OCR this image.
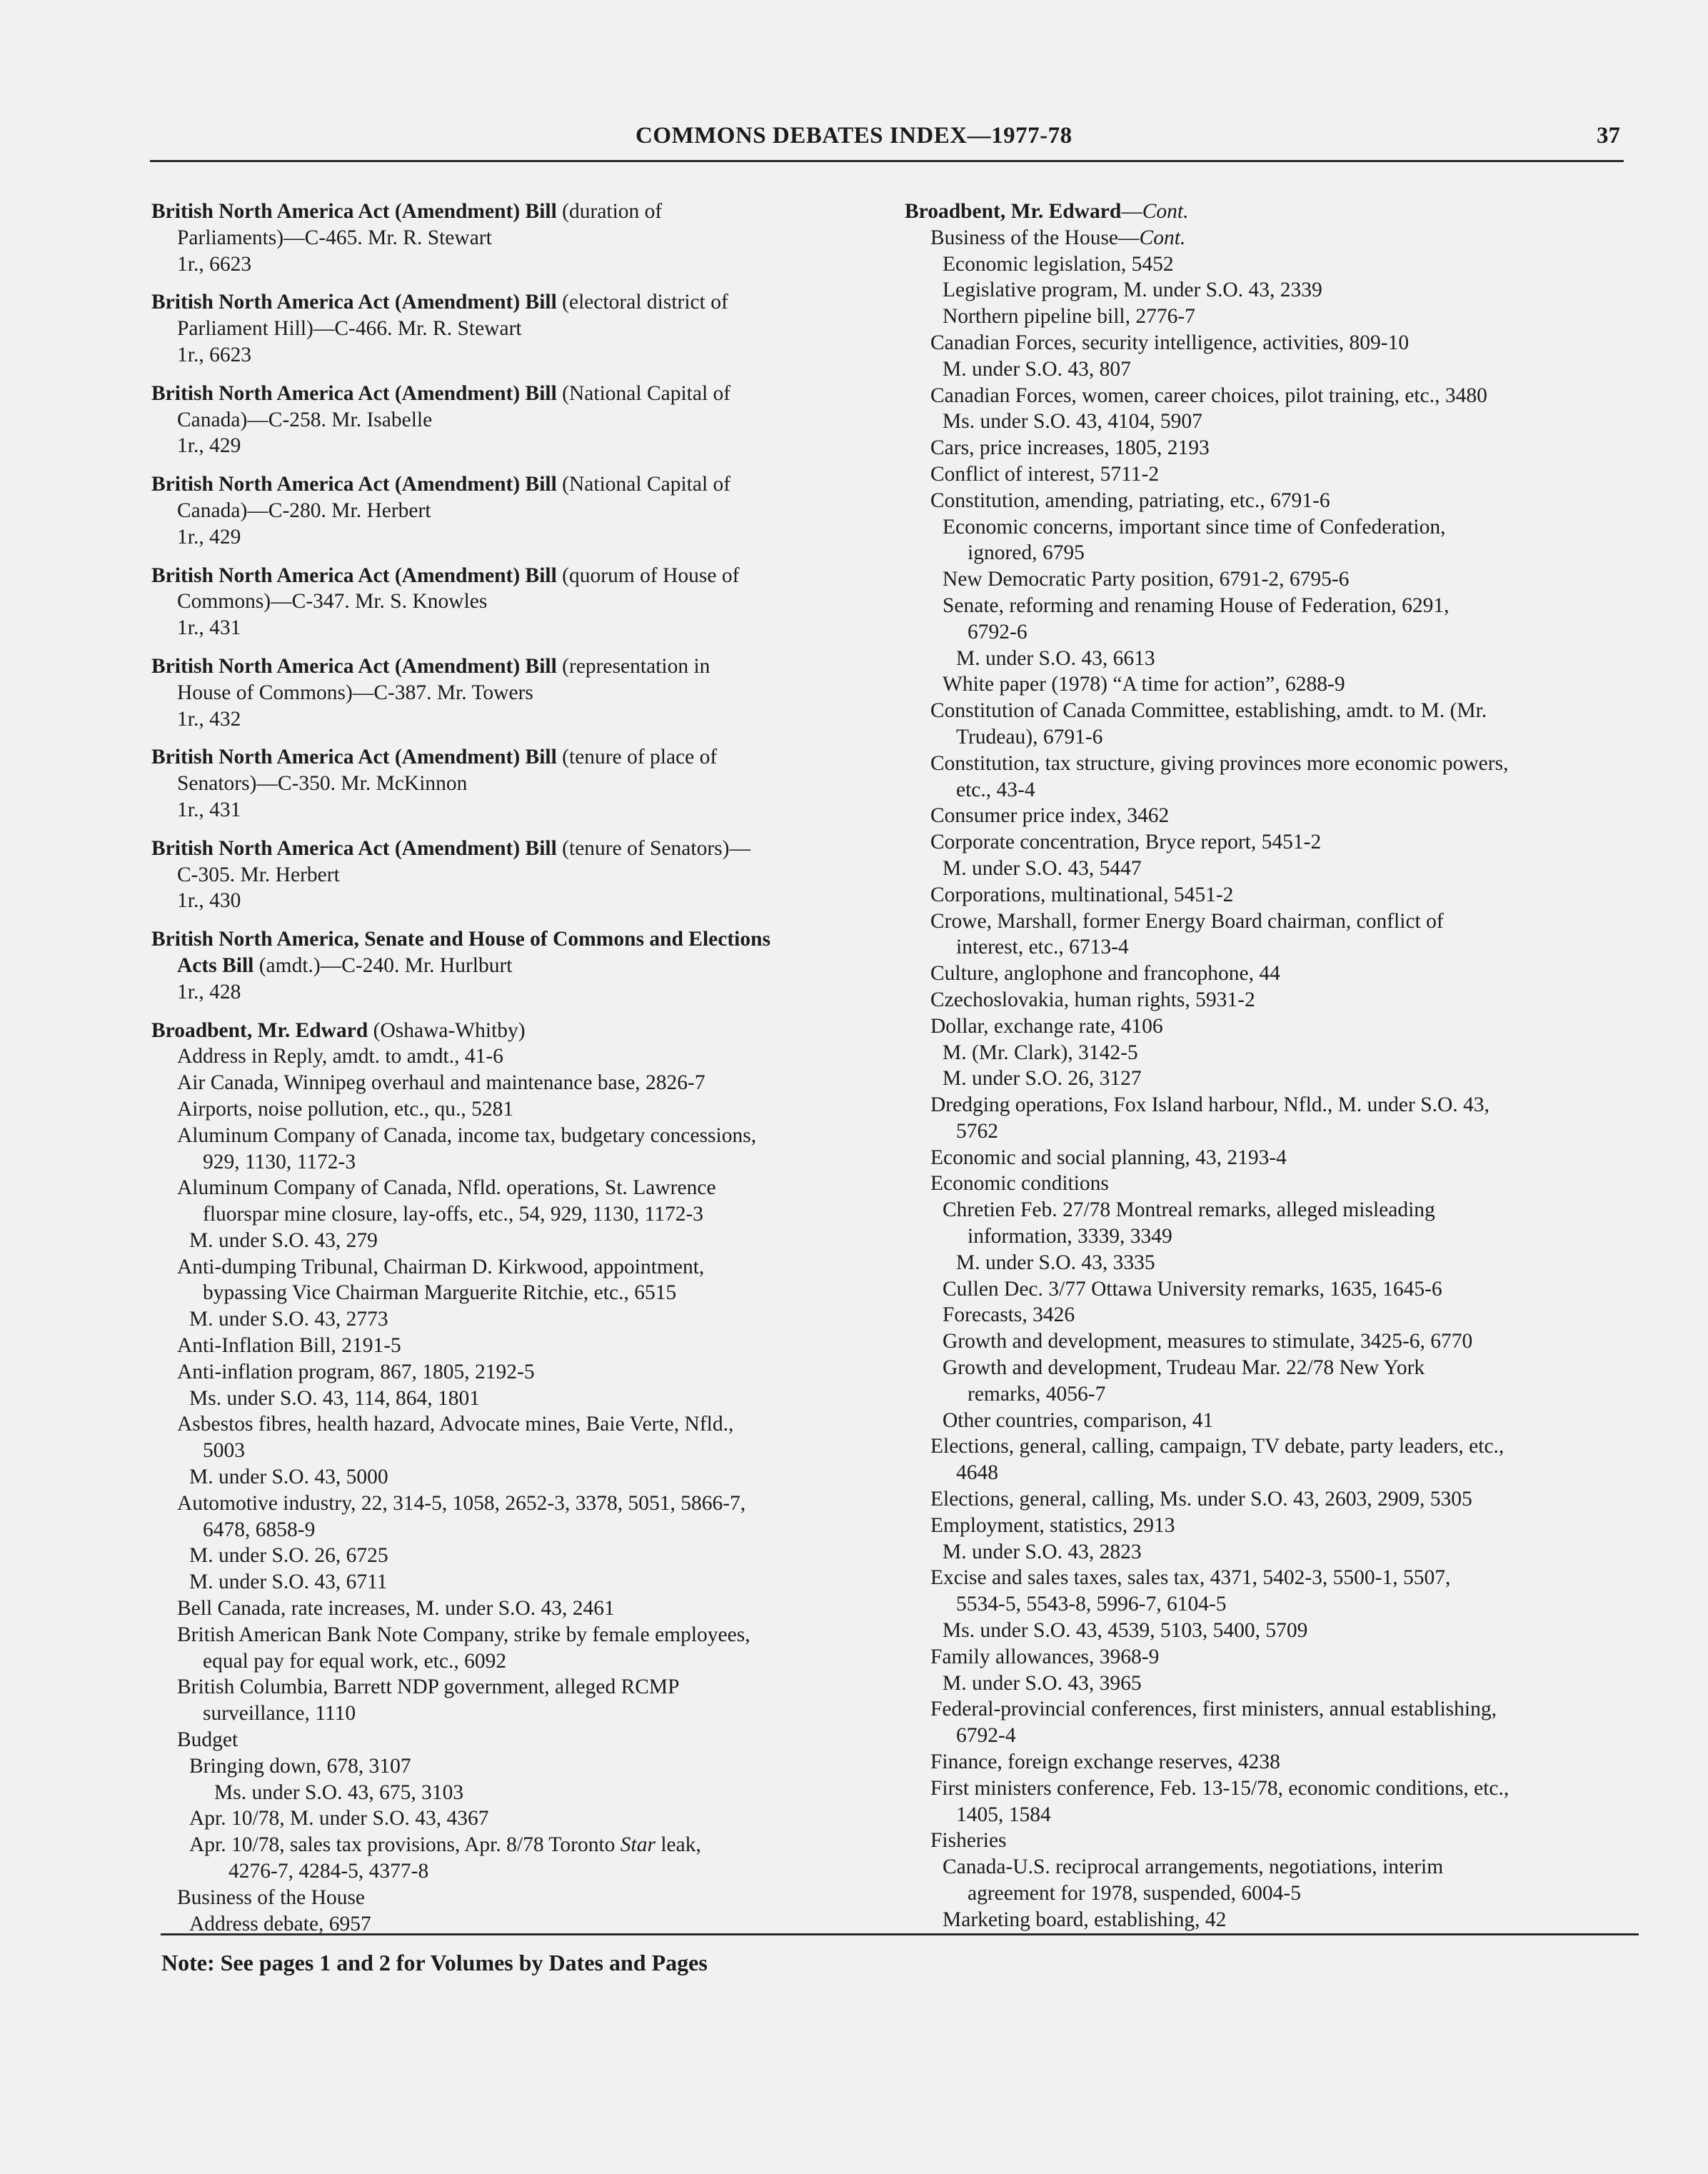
COMMONS DEBATES INDEX—1977-78	37
British North America Act (Amendment) Bill (duration of
Parliaments)—C-465. Mr. R. Stewart
1r., 6623
British North America Act (Amendment) Bill (electoral district of
Parliament Hill)—C-466. Mr. R. Stewart
1r., 6623
British North America Act (Amendment) Bill (National Capital of
Canada)—C-258. Mr. Isabelle
1r., 429
British North America Act (Amendment) Bill (National Capital of
Canada)—C-280. Mr. Herbert
1r., 429
British North America Act (Amendment) Bill (quorum of House of
Commons)—C-347. Mr. S. Knowles
1r., 431
British North America Act (Amendment) Bill (representation in
House of Commons)—C-387. Mr. Towers
1r., 432
British North America Act (Amendment) Bill (tenure of place of
Senators)—C-350. Mr. McKinnon
1r., 431
British North America Act (Amendment) Bill (tenure of Senators)—
C-305. Mr. Herbert
1r., 430
British North America, Senate and House of Commons and Elections
Acts Bill (amdt.)—C-240. Mr. Hurlburt
1r., 428
Broadbent, Mr. Edward (Oshawa-Whitby)
Address in Reply, amdt. to amdt., 41-6
Air Canada, Winnipeg overhaul and maintenance base, 2826-7
Airports, noise pollution, etc., qu., 5281
Aluminum Company of Canada, income tax, budgetary concessions,
929, 1130, 1172-3
Aluminum Company of Canada, Nfld. operations, St. Lawrence
fluorspar mine closure, lay-offs, etc., 54, 929, 1130, 1172-3
M. under S.O. 43, 279
Anti-dumping Tribunal, Chairman D. Kirkwood, appointment,
bypassing Vice Chairman Marguerite Ritchie, etc., 6515
M. under S.O. 43, 2773
Anti-Inflation Bill, 2191-5
Anti-inflation program, 867, 1805, 2192-5
Ms. under S.O. 43, 114, 864, 1801
Asbestos fibres, health hazard, Advocate mines, Baie Verte, Nfld.,
5003
M. under S.O. 43, 5000
Automotive industry, 22, 314-5, 1058, 2652-3, 3378, 5051, 5866-7,
6478, 6858-9
M. under S.O. 26, 6725
M. under S.O. 43, 6711
Bell Canada, rate increases, M. under S.O. 43, 2461
British American Bank Note Company, strike by female employees,
equal pay for equal work, etc., 6092
British Columbia, Barrett NDP government, alleged RCMP
surveillance, 1110
Budget
Bringing down, 678, 3107
Ms. under S.O. 43, 675, 3103
Apr. 10/78, M. under S.O. 43, 4367
Apr. 10/78, sales tax provisions, Apr. 8/78 Toronto Star leak,
4276-7, 4284-5, 4377-8
Business of the House
Address debate, 6957
Broadbent, Mr. Edward—Cont.
Business of the House—Cont.
Economic legislation, 5452
Legislative program, M. under S.O. 43, 2339
Northern pipeline bill, 2776-7
Canadian Forces, security intelligence, activities, 809-10
M. under S.O. 43, 807
Canadian Forces, women, career choices, pilot training, etc., 3480
Ms. under S.O. 43, 4104, 5907
Cars, price increases, 1805, 2193
Conflict of interest, 5711-2
Constitution, amending, patriating, etc., 6791-6
Economic concerns, important since time of Confederation,
ignored, 6795
New Democratic Party position, 6791-2, 6795-6
Senate, reforming and renaming House of Federation, 6291,
6792-6
M. under S.O. 43, 6613
White paper (1978) “A time for action”, 6288-9
Constitution of Canada Committee, establishing, amdt. to M. (Mr.
Trudeau), 6791-6
Constitution, tax structure, giving provinces more economic powers,
etc., 43-4
Consumer price index, 3462
Corporate concentration, Bryce report, 5451-2
M. under S.O. 43, 5447
Corporations, multinational, 5451-2
Crowe, Marshall, former Energy Board chairman, conflict of
interest, etc., 6713-4
Culture, anglophone and francophone, 44
Czechoslovakia, human rights, 5931-2
Dollar, exchange rate, 4106
M. (Mr. Clark), 3142-5
M. under S.O. 26, 3127
Dredging operations, Fox Island harbour, Nfld., M. under S.O. 43,
5762
Economic and social planning, 43, 2193-4
Economic conditions
Chretien Feb. 27/78 Montreal remarks, alleged misleading
information, 3339, 3349
M. under S.O. 43, 3335
Cullen Dec. 3/77 Ottawa University remarks, 1635, 1645-6
Forecasts, 3426
Growth and development, measures to stimulate, 3425-6, 6770
Growth and development, Trudeau Mar. 22/78 New York
remarks, 4056-7
Other countries, comparison, 41
Elections, general, calling, campaign, TV debate, party leaders, etc.,
4648
Elections, general, calling, Ms. under S.O. 43, 2603, 2909, 5305
Employment, statistics, 2913
M. under S.O. 43, 2823
Excise and sales taxes, sales tax, 4371, 5402-3, 5500-1, 5507,
5534-5, 5543-8, 5996-7, 6104-5
Ms. under S.O. 43, 4539, 5103, 5400, 5709
Family allowances, 3968-9
M. under S.O. 43, 3965
Federal-provincial conferences, first ministers, annual establishing,
6792-4
Finance, foreign exchange reserves, 4238
First ministers conference, Feb. 13-15/78, economic conditions, etc.,
1405, 1584
Fisheries
Canada-U.S. reciprocal arrangements, negotiations, interim
agreement for 1978, suspended, 6004-5
Marketing board, establishing, 42
Note: See pages 1 and 2 for Volumes by Dates and Pages
